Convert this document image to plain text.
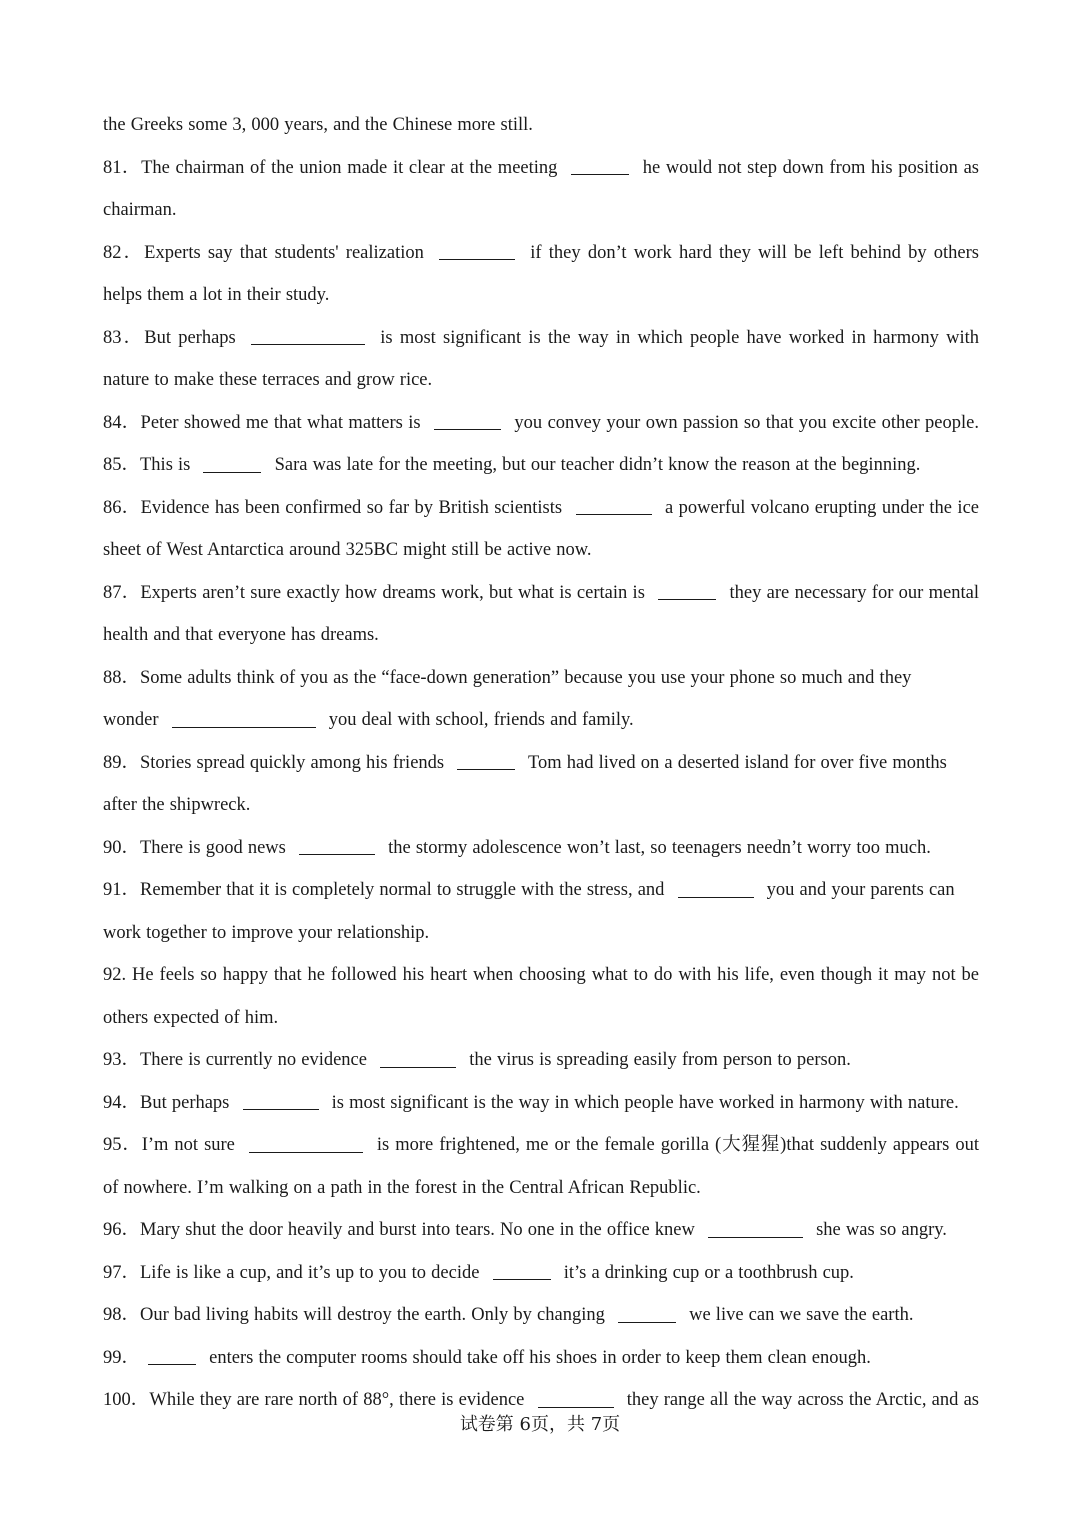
the Greeks some 3, 000 years, and the Chinese more still.
81．The chairman of the union made it clear at the meeting	he would not step down from his position as
chairman.
82．Experts say that students' realization	if they don’t work hard they will be left behind by others
helps them a lot in their study.
83．But perhaps	is most significant is the way in which people have worked in harmony with
nature to make these terraces and grow rice.
84．Peter showed me that what matters is	you convey your own passion so that you excite other people.
85．This is	Sara was late for the meeting, but our teacher didn’t know the reason at the beginning.
86．Evidence has been confirmed so far by British scientists	a powerful volcano erupting under the ice
sheet of West Antarctica around 325BC might still be active now.
87．Experts aren’t sure exactly how dreams work, but what is certain is	they are necessary for our mental
health and that everyone has dreams.
88．Some adults think of you as the “face-down generation” because you use your phone so much and they
wonder	you deal with school, friends and family.
89．Stories spread quickly among his friends	Tom had lived on a deserted island for over five months
after the shipwreck.
90．There is good news	the stormy adolescence won’t last, so teenagers needn’t worry too much.
91．Remember that it is completely normal to struggle with the stress, and	you and your parents can
work together to improve your relationship.
92. He feels so happy that he followed his heart when choosing what to do with his life, even though it may not be
others expected of him.
93．There is currently no evidence	the virus is spreading easily from person to person.
94．But perhaps	is most significant is the way in which people have worked in harmony with nature.
95．I’m not sure	is more frightened, me or the female gorilla (大猩猩)that suddenly appears out
of nowhere. I’m walking on a path in the forest in the Central African Republic.
96．Mary shut the door heavily and burst into tears. No one in the office knew	she was so angry.
97．Life is like a cup, and it’s up to you to decide	it’s a drinking cup or a toothbrush cup.
98．Our bad living habits will destroy the earth. Only by changing	we live can we save the earth.
99．	enters the computer rooms should take off his shoes in order to keep them clean enough.
100．While they are rare north of 88°, there is evidence	they range all the way across the Arctic, and as
试卷第 6页，共 7页
